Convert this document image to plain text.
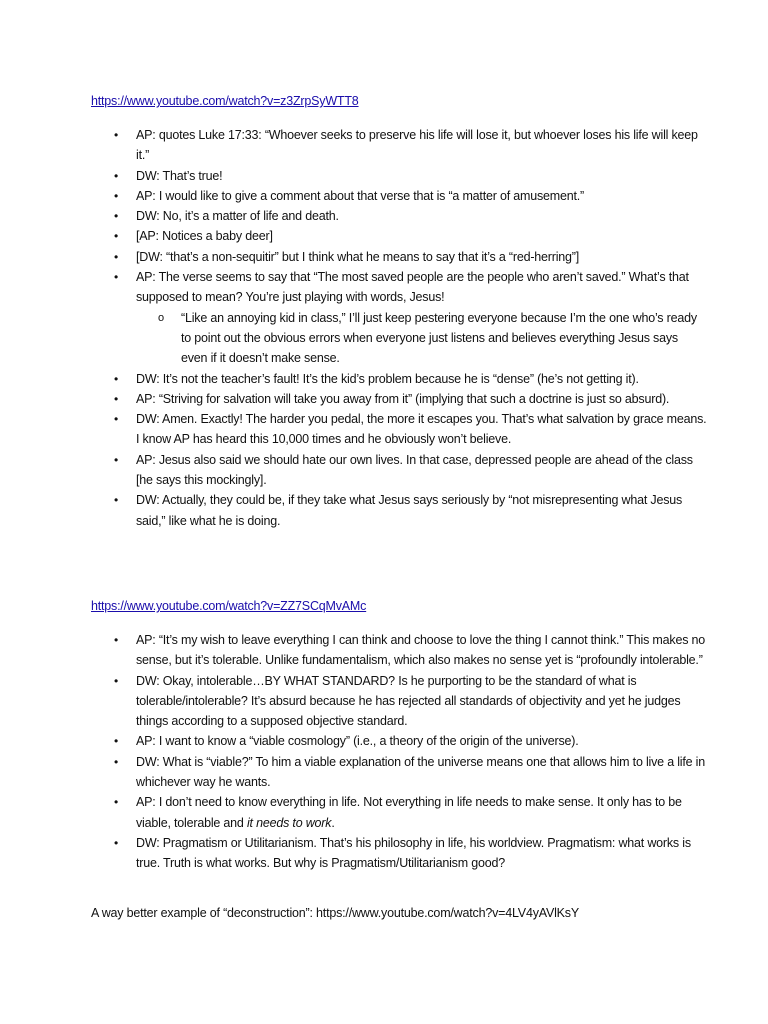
https://www.youtube.com/watch?v=z3ZrpSyWTT8
• AP: quotes Luke 17:33: “Whoever seeks to preserve his life will lose it, but whoever loses his life will keep it.”
• DW: That’s true!
• AP: I would like to give a comment about that verse that is “a matter of amusement.”
• DW: No, it’s a matter of life and death.
• [AP: Notices a baby deer]
• [DW: “that’s a non-sequitir” but I think what he means to say that it’s a “red-herring”]
• AP: The verse seems to say that “The most saved people are the people who aren’t saved.” What’s that supposed to mean? You’re just playing with words, Jesus!
o “Like an annoying kid in class,” I’ll just keep pestering everyone because I’m the one who’s ready to point out the obvious errors when everyone just listens and believes everything Jesus says even if it doesn’t make sense.
• DW: It’s not the teacher’s fault! It’s the kid’s problem because he is “dense” (he’s not getting it).
• AP: “Striving for salvation will take you away from it” (implying that such a doctrine is just so absurd).
• DW: Amen. Exactly! The harder you pedal, the more it escapes you. That’s what salvation by grace means. I know AP has heard this 10,000 times and he obviously won’t believe.
• AP: Jesus also said we should hate our own lives. In that case, depressed people are ahead of the class [he says this mockingly].
• DW: Actually, they could be, if they take what Jesus says seriously by “not misrepresenting what Jesus said,” like what he is doing.
https://www.youtube.com/watch?v=ZZ7SCqMvAMc
• AP: “It’s my wish to leave everything I can think and choose to love the thing I cannot think.” This makes no sense, but it’s tolerable. Unlike fundamentalism, which also makes no sense yet is “profoundly intolerable.”
• DW: Okay, intolerable…BY WHAT STANDARD? Is he purporting to be the standard of what is tolerable/intolerable? It’s absurd because he has rejected all standards of objectivity and yet he judges things according to a supposed objective standard.
• AP: I want to know a “viable cosmology” (i.e., a theory of the origin of the universe).
• DW: What is “viable?” To him a viable explanation of the universe means one that allows him to live a life in whichever way he wants.
• AP: I don’t need to know everything in life. Not everything in life needs to make sense. It only has to be viable, tolerable and it needs to work.
• DW: Pragmatism or Utilitarianism. That’s his philosophy in life, his worldview. Pragmatism: what works is true. Truth is what works. But why is Pragmatism/Utilitarianism good?
A way better example of “deconstruction”: https://www.youtube.com/watch?v=4LV4yAVlKsY
